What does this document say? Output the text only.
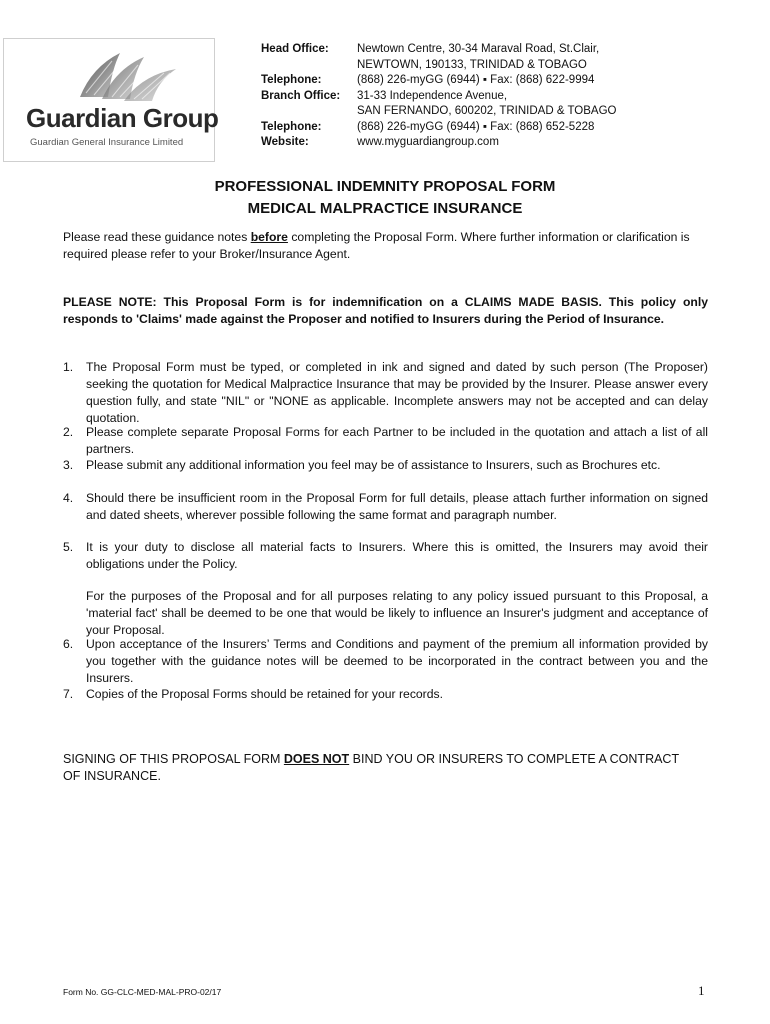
Guardian Group
Guardian General Insurance Limited
Head Office:	Newtown Centre, 30-34 Maraval Road, St.Clair,
NEWTOWN, 190133, TRINIDAD & TOBAGO
Telephone:	(868) 226-myGG (6944) ▪ Fax: (868) 622-9994
Branch Office:	31-33 Independence Avenue,
SAN FERNANDO, 600202, TRINIDAD & TOBAGO
Telephone:	(868) 226-myGG (6944) ▪ Fax: (868) 652-5228
Website:	www.myguardiangroup.com
PROFESSIONAL INDEMNITY PROPOSAL FORM
MEDICAL MALPRACTICE INSURANCE
Please read these guidance notes before completing the Proposal Form. Where further information or clarification is required please refer to your Broker/Insurance Agent.
PLEASE NOTE: This Proposal Form is for indemnification on a CLAIMS MADE BASIS. This policy only responds to 'Claims' made against the Proposer and notified to Insurers during the Period of Insurance.
1.	The Proposal Form must be typed, or completed in ink and signed and dated by such person (The Proposer) seeking the quotation for Medical Malpractice Insurance that may be provided by the Insurer. Please answer every question fully, and state "NIL" or "NONE as applicable. Incomplete answers may not be accepted and can delay quotation.
2.	Please complete separate Proposal Forms for each Partner to be included in the quotation and attach a list of all partners.
3.	Please submit any additional information you feel may be of assistance to Insurers, such as Brochures etc.
4.	Should there be insufficient room in the Proposal Form for full details, please attach further information on signed and dated sheets, wherever possible following the same format and paragraph number.
5.	It is your duty to disclose all material facts to Insurers. Where this is omitted, the Insurers may avoid their obligations under the Policy.
6.	Upon acceptance of the Insurers’ Terms and Conditions and payment of the premium all information provided by you together with the guidance notes will be deemed to be incorporated in the contract between you and the Insurers.
7.	Copies of the Proposal Forms should be retained for your records.
For the purposes of the Proposal and for all purposes relating to any policy issued pursuant to this Proposal, a 'material fact' shall be deemed to be one that would be likely to influence an Insurer's judgment and acceptance of your Proposal.
SIGNING OF THIS PROPOSAL FORM DOES NOT BIND YOU OR INSURERS TO COMPLETE A CONTRACT OF INSURANCE.
Form No. GG-CLC-MED-MAL-PRO-02/17	1
